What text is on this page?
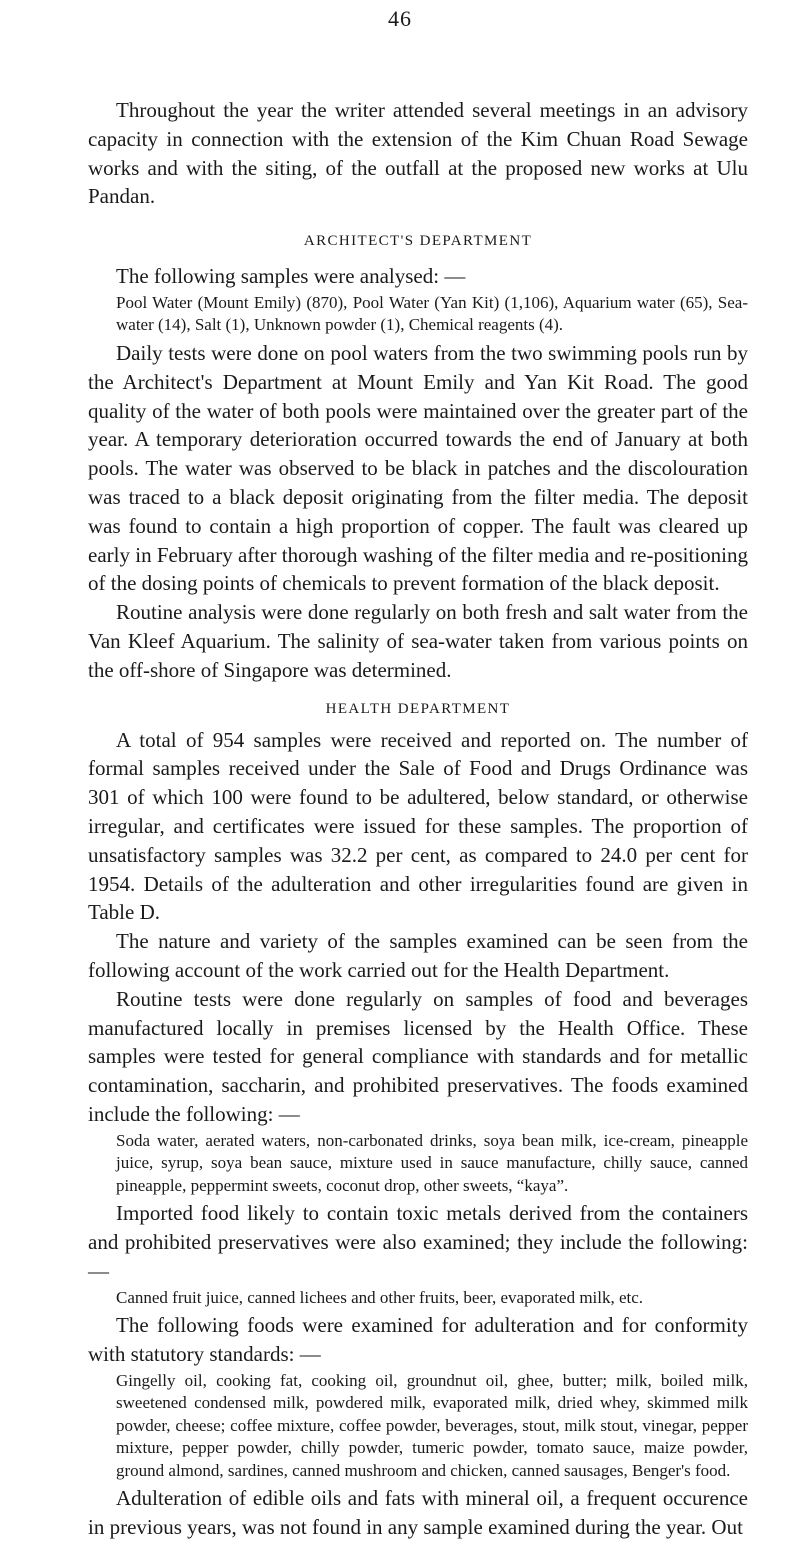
46

Throughout the year the writer attended several meetings in an advisory capacity in connection with the extension of the Kim Chuan Road Sewage works and with the siting, of the outfall at the proposed new works at Ulu Pandan.

ARCHITECT'S DEPARTMENT

The following samples were analysed: —

Pool Water (Mount Emily) (870), Pool Water (Yan Kit) (1,106), Aquarium water (65), Sea-water (14), Salt (1), Unknown powder (1), Chemical reagents (4).

Daily tests were done on pool waters from the two swimming pools run by the Architect's Department at Mount Emily and Yan Kit Road. The good quality of the water of both pools were maintained over the greater part of the year. A temporary deterioration occurred towards the end of January at both pools. The water was observed to be black in patches and the discolouration was traced to a black deposit originating from the filter media. The deposit was found to contain a high proportion of copper. The fault was cleared up early in February after thorough washing of the filter media and re-positioning of the dosing points of chemicals to prevent formation of the black deposit.

Routine analysis were done regularly on both fresh and salt water from the Van Kleef Aquarium. The salinity of sea-water taken from various points on the off-shore of Singapore was determined.

HEALTH DEPARTMENT

A total of 954 samples were received and reported on. The number of formal samples received under the Sale of Food and Drugs Ordinance was 301 of which 100 were found to be adultered, below standard, or otherwise irregular, and certificates were issued for these samples. The proportion of unsatisfactory samples was 32.2 per cent, as compared to 24.0 per cent for 1954. Details of the adulteration and other irregularities found are given in Table D.

The nature and variety of the samples examined can be seen from the following account of the work carried out for the Health Department.

Routine tests were done regularly on samples of food and beverages manufactured locally in premises licensed by the Health Office. These samples were tested for general compliance with standards and for metallic contamination, saccharin, and prohibited preservatives. The foods examined include the following: —

Soda water, aerated waters, non-carbonated drinks, soya bean milk, ice-cream, pineapple juice, syrup, soya bean sauce, mixture used in sauce manufacture, chilly sauce, canned pineapple, peppermint sweets, coconut drop, other sweets, “kaya”.

Imported food likely to contain toxic metals derived from the containers and prohibited preservatives were also examined; they include the following: —

Canned fruit juice, canned lichees and other fruits, beer, evaporated milk, etc.

The following foods were examined for adulteration and for conformity with statutory standards: —

Gingelly oil, cooking fat, cooking oil, groundnut oil, ghee, butter; milk, boiled milk, sweetened condensed milk, powdered milk, evaporated milk, dried whey, skimmed milk powder, cheese; coffee mixture, coffee powder, beverages, stout, milk stout, vinegar, pepper mixture, pepper powder, chilly powder, tumeric powder, tomato sauce, maize powder, ground almond, sardines, canned mushroom and chicken, canned sausages, Benger's food.

Adulteration of edible oils and fats with mineral oil, a frequent occurence in previous years, was not found in any sample examined during the year. Out
